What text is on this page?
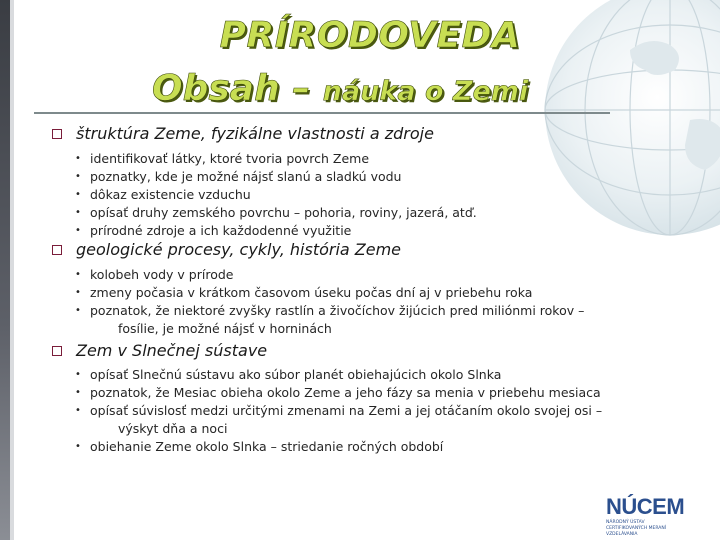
PRÍRODOVEDA
Obsah – náuka o Zemi
štruktúra Zeme, fyzikálne vlastnosti a zdroje
• identifikovať látky, ktoré tvoria povrch Zeme
• poznatky, kde je možné nájsť slanú a sladkú vodu
• dôkaz existencie vzduchu
• opísať druhy zemského povrchu – pohoria, roviny, jazerá, atď.
• prírodné zdroje a ich každodenné využitie
geologické procesy, cykly, história Zeme
• kolobeh vody v prírode
• zmeny počasia v krátkom časovom úseku počas dní aj v priebehu roka
• poznatok, že niektoré zvyšky rastlín a živočíchov žijúcich pred miliónmi rokov –
fosílie, je možné nájsť v horninách
Zem v Slnečnej sústave
• opísať Slnečnú sústavu ako súbor planét obiehajúcich okolo Slnka
• poznatok, že Mesiac obieha okolo Zeme a jeho fázy sa menia v priebehu mesiaca
• opísať súvislosť medzi určitými zmenami na Zemi a jej otáčaním okolo svojej osi –
výskyt dňa a noci
• obiehanie Zeme okolo Slnka – striedanie ročných období
NÚCEM
NÁRODNÝ ÚSTAV CERTIFIKOVANÝCH MERANÍ VZDELÁVANIA
